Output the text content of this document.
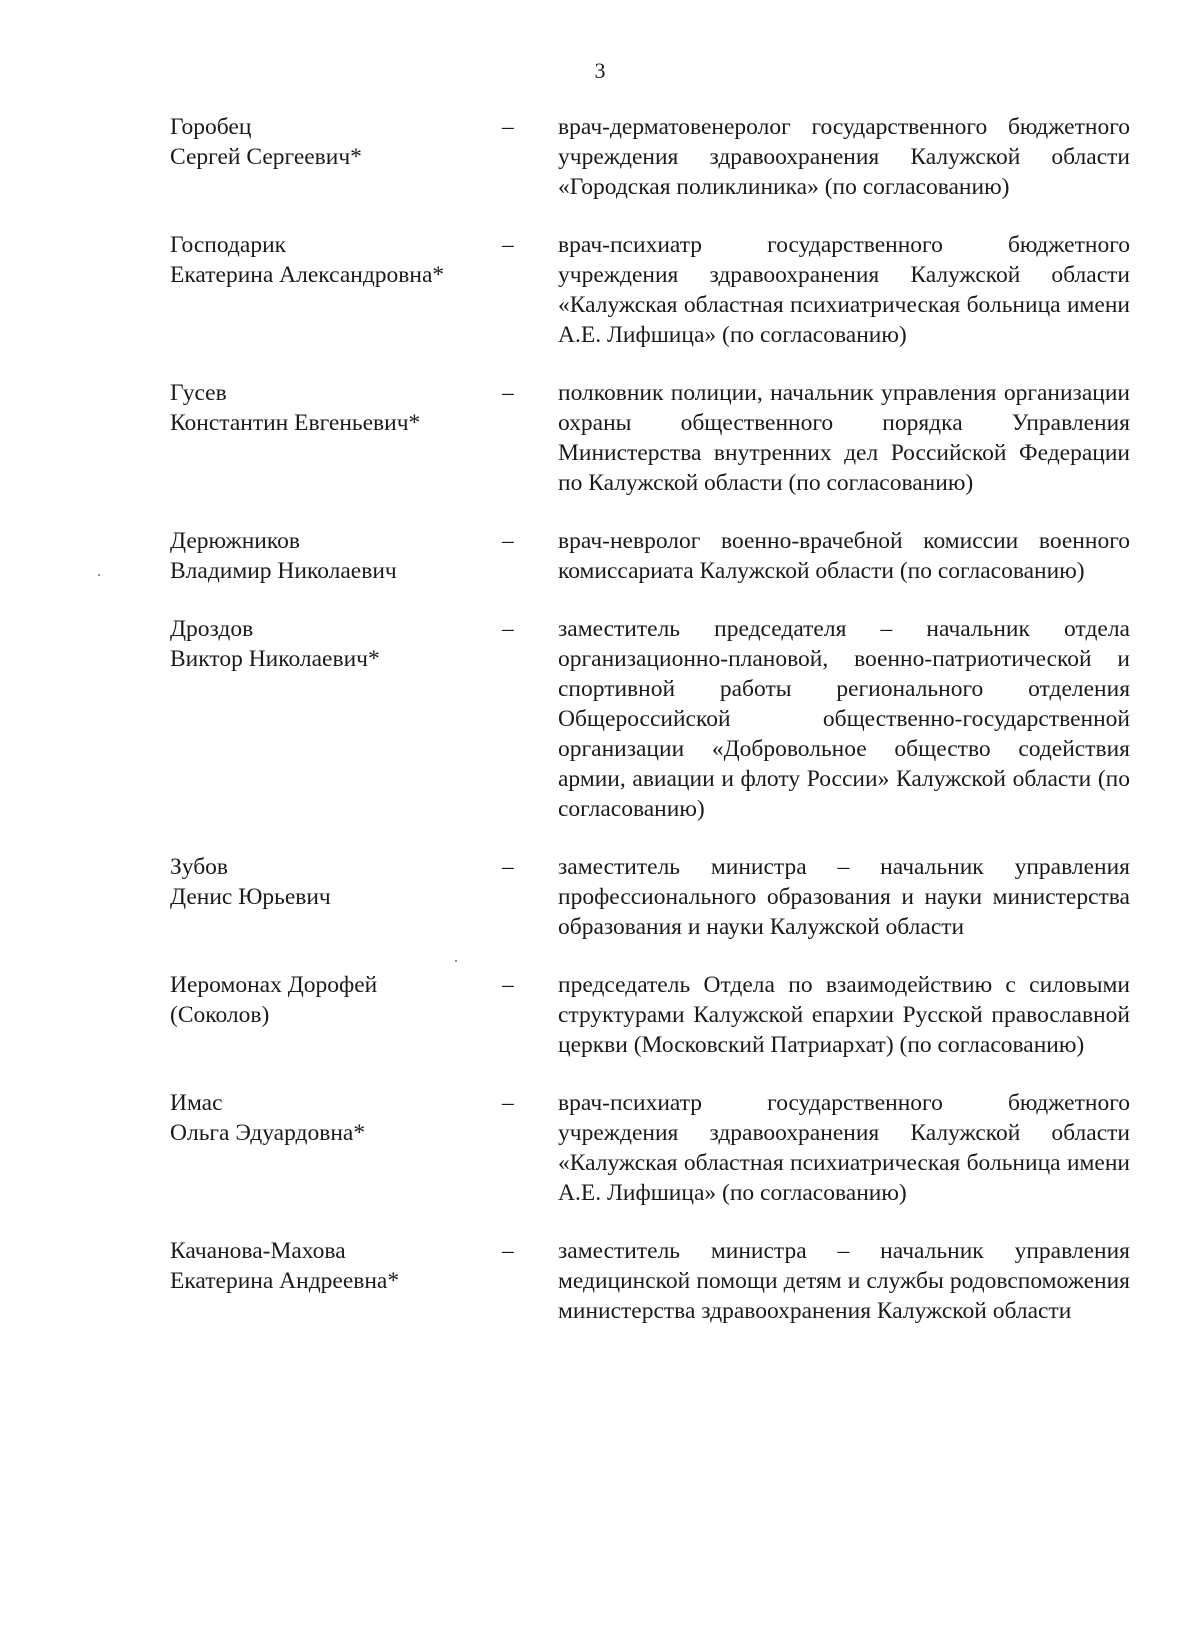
3
Горобец
Сергей Сергеевич*
–	врач-дерматовенеролог государственного бюджетного учреждения здравоохранения Калужской области «Городская поликлиника» (по согласованию)
Господарик
Екатерина Александровна*
–	врач-психиатр государственного бюджетного учреждения здравоохранения Калужской области «Калужская областная психиатрическая больница имени А.Е. Лифшица» (по согласованию)
Гусев
Константин Евгеньевич*
–	полковник полиции, начальник управления организации охраны общественного порядка Управления Министерства внутренних дел Российской Федерации по Калужской области (по согласованию)
Дерюжников
Владимир Николаевич
–	врач-невролог военно-врачебной комиссии военного комиссариата Калужской области (по согласованию)
Дроздов
Виктор Николаевич*
–	заместитель председателя – начальник отдела организационно-плановой, военно-патриотической и спортивной работы регионального отделения Общероссийской общественно-государственной организации «Добровольное общество содействия армии, авиации и флоту России» Калужской области (по согласованию)
Зубов
Денис Юрьевич
–	заместитель министра – начальник управления профессионального образования и науки министерства образования и науки Калужской области
Иеромонах Дорофей
(Соколов)
–	председатель Отдела по взаимодействию с силовыми структурами Калужской епархии Русской православной церкви (Московский Патриархат) (по согласованию)
Имас
Ольга Эдуардовна*
–	врач-психиатр государственного бюджетного учреждения здравоохранения Калужской области «Калужская областная психиатрическая больница имени А.Е. Лифшица» (по согласованию)
Качанова-Махова
Екатерина Андреевна*
–	заместитель министра – начальник управления медицинской помощи детям и службы родовспоможения министерства здравоохранения Калужской области
